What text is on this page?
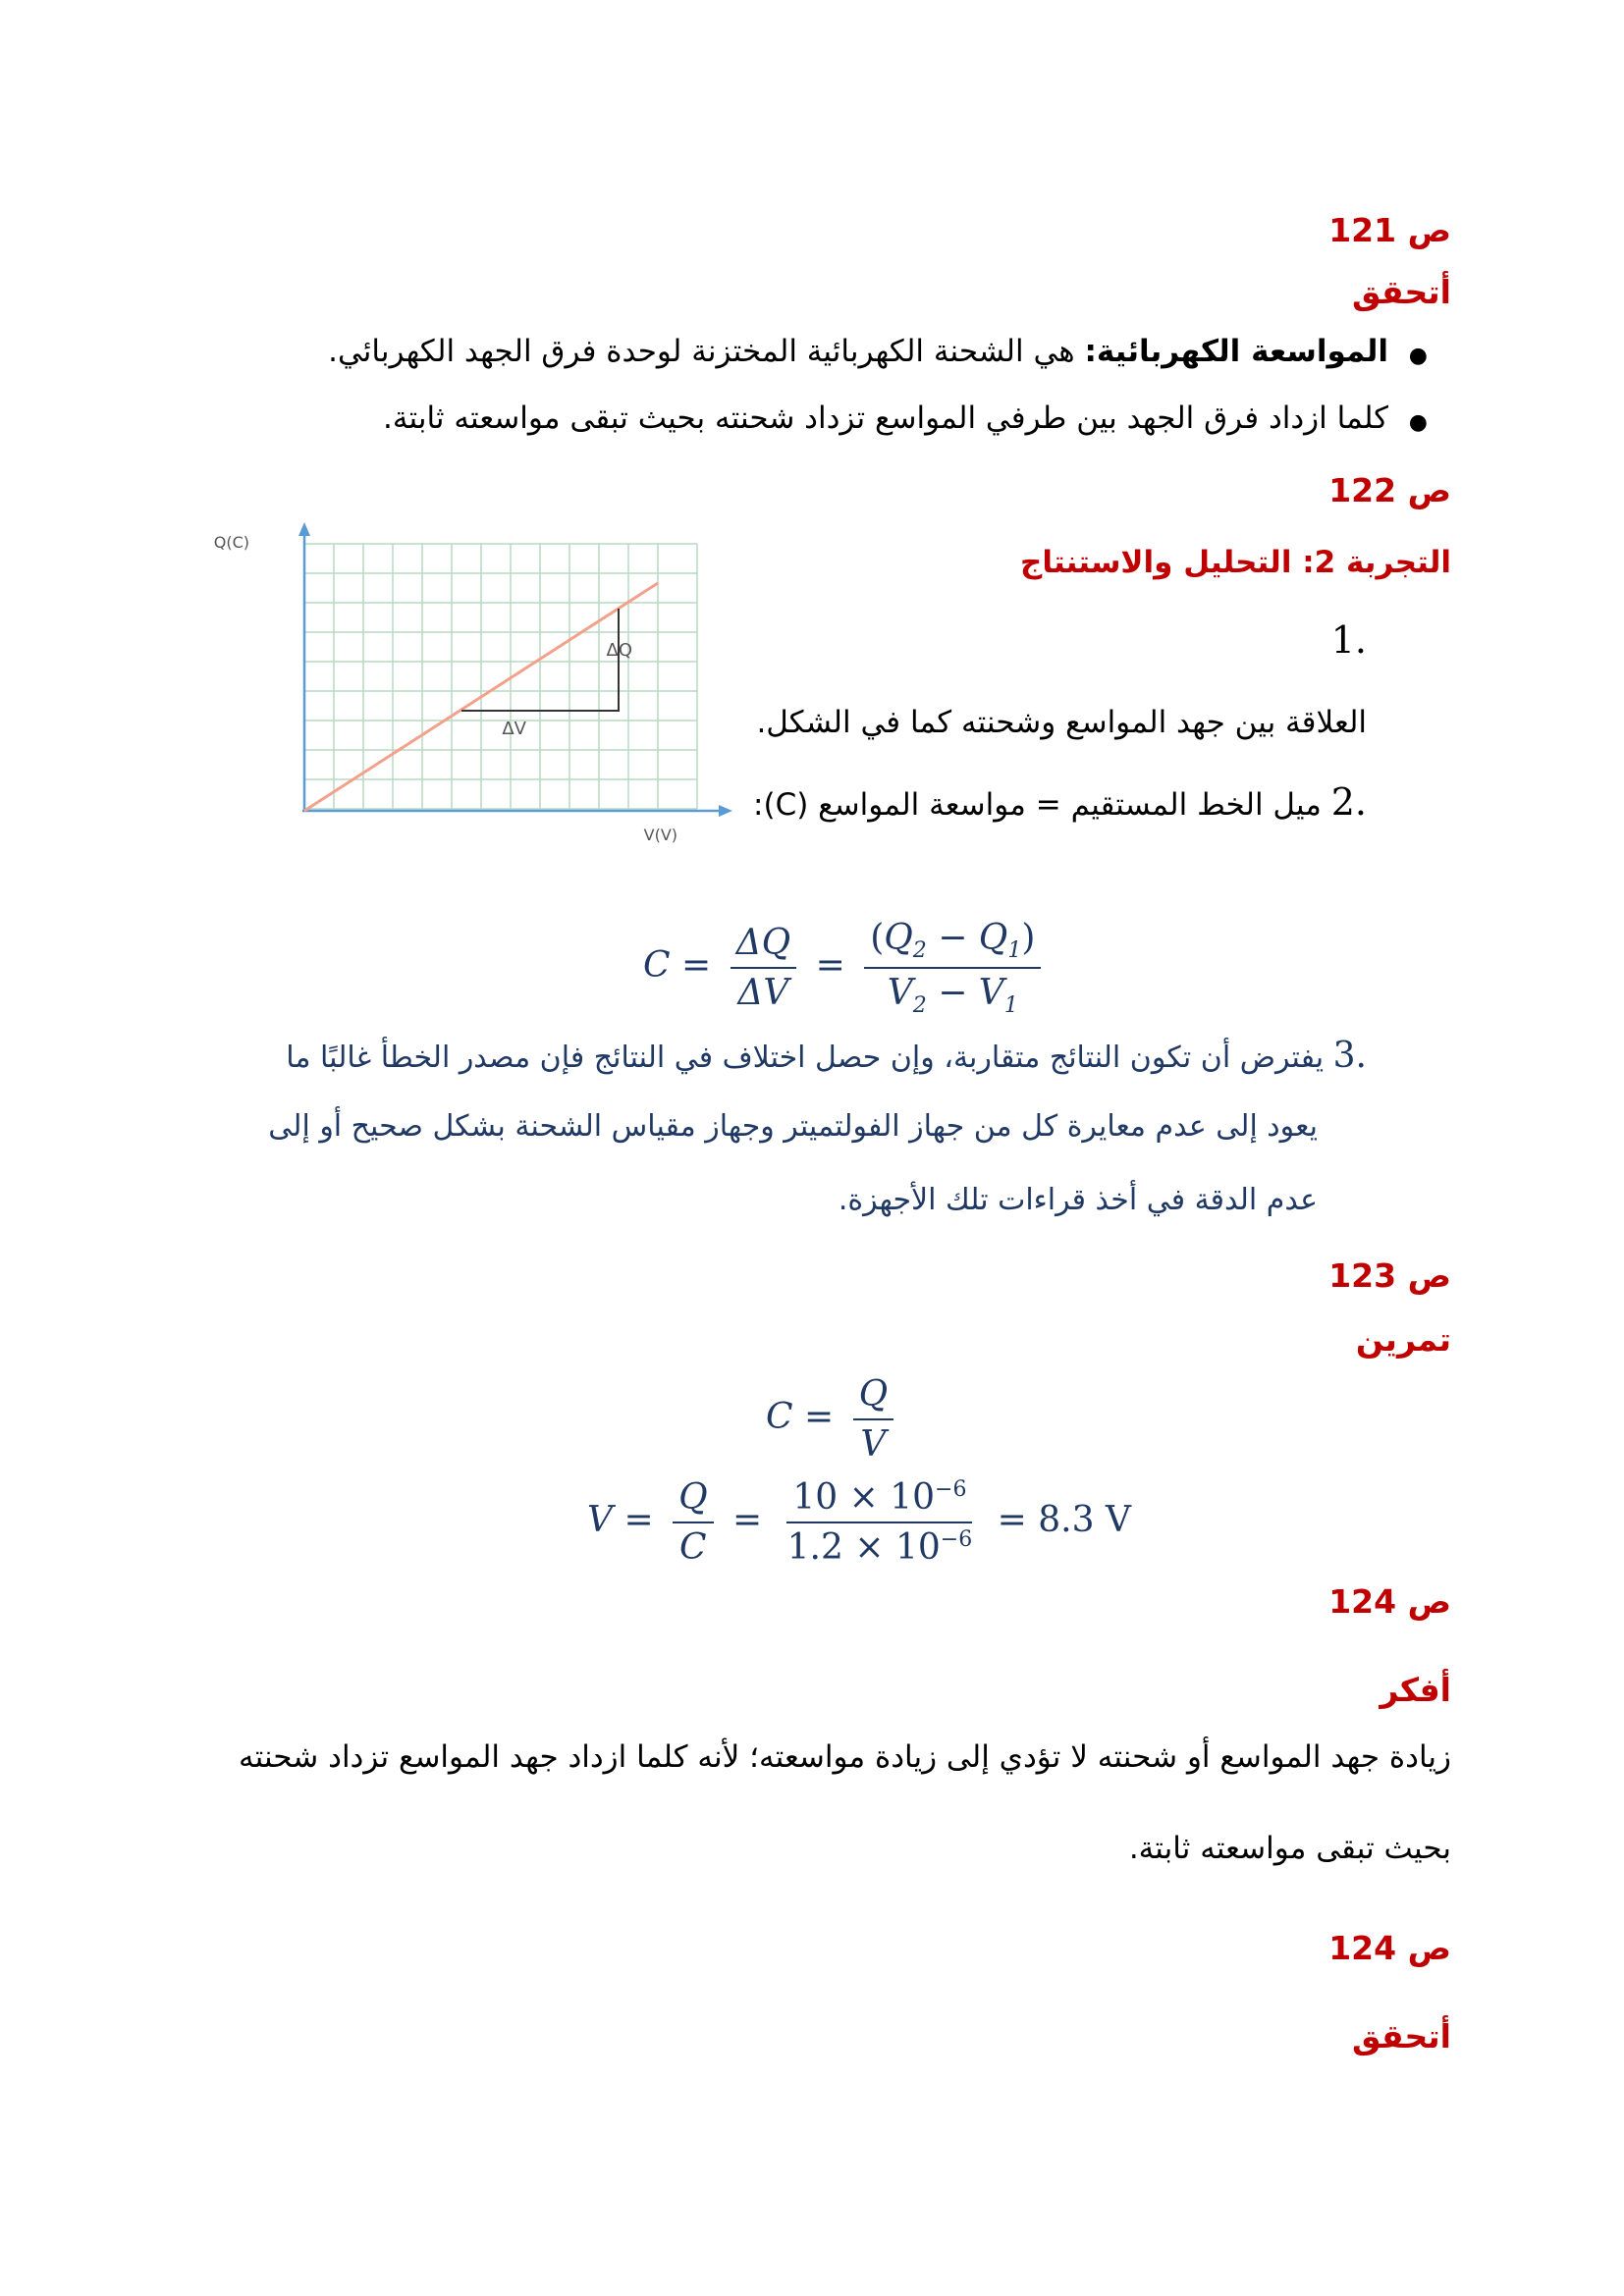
ص 121
أتحقق
●
المواسعة الكهربائية: هي الشحنة الكهربائية المختزنة لوحدة فرق الجهد الكهربائي.
●
كلما ازداد فرق الجهد بين طرفي المواسع تزداد شحنته بحيث تبقى مواسعته ثابتة.
ص 122
التجربة 2: التحليل والاستنتاج
.1
العلاقة بين جهد المواسع وشحنته كما في الشكل.
.2 ميل الخط المستقيم = مواسعة المواسع (C):
Q(C)
V(V)
ΔQ
ΔV
$C = \frac{\Delta Q}{\Delta V} = \frac{(Q_2 - Q_1)}{V_2 - V_1}$
.3 يفترض أن تكون النتائج متقاربة، وإن حصل اختلاف في النتائج فإن مصدر الخطأ غالبًا ما
يعود إلى عدم معايرة كل من جهاز الفولتميتر وجهاز مقياس الشحنة بشكل صحيح أو إلى
عدم الدقة في أخذ قراءات تلك الأجهزة.
ص 123
تمرين
$C = \frac{Q}{V}$
$V = \frac{Q}{C} = \frac{10 \times 10^{-6}}{1.2 \times 10^{-6}} = 8.3$ V
ص 124
أفكر
زيادة جهد المواسع أو شحنته لا تؤدي إلى زيادة مواسعته؛ لأنه كلما ازداد جهد المواسع تزداد شحنته
بحيث تبقى مواسعته ثابتة.
ص 124
أتحقق
